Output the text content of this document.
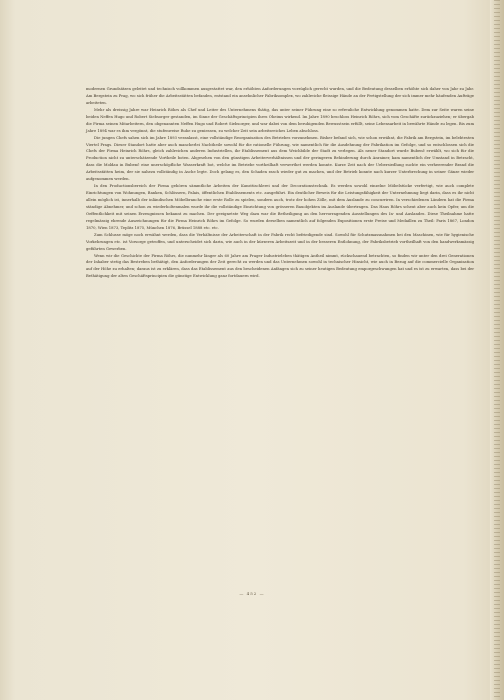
modernen Grundsätzen geleitet und technisch vollkommen ausgestattet war, den erhöhten Anforderungen vorzüglich gerecht wurden, und die Bedeutung desselben erhöhte sich daher von Jahr zu Jahr. Am Bergstein zu Prag, wo sich früher die Arbeitsstätten befanden, entstand ein ansehnlicher Fabriksomplex, wo zahlreiche fleissige Hände an der Fertigstellung der sich immer mehr häufenden Aufträge arbeiteten.

Mehr als dreissig Jahre war Heinrich Röhrs als Chef und Leiter des Unternehmens thätig, das unter seiner Führung eine so erfreuliche Entwicklung genommen hatte. Dem zur Seite waren seine beiden Neffen Hugo und Robert Siebsorger gestanden, im Sinne der Geschäftsprincipien ihres Oheims wirkend. Im Jahre 1890 beschloss Heinrich Röhrs, sich vom Geschäfte zurückzuziehen; er übergab die Firma seinen Mitarbeitern, den obgenannten Neffen Hugo und Robert Siebsorger, und war dabei von dem beruhigenden Bewusstsein erfüllt, seine Lebensarbeit in bewährte Hände zu legen. Bis zum Jahre 1894 war es ihm vergönnt, die stufenweise Ruhe zu geniessen, zu welcher Zeit sein arbeitsreiches Leben abschloss.

Die jungen Chefs sahen sich im Jahre 1893 veranlasst, eine vollständige Reorganisation des Betriebes vorzunehmen. Bisher befand sich, wie schon erwähnt, die Fabrik am Bergstein, im belebtesten Viertel Prags. Dieser Standort hatte aber auch mancherlei Nachtheile sowohl für die rationelle Führung, wie namentlich für die Ausdehnung der Fabrikation im Gefolge, und so entschlossen sich die Chefs der Firma Heinrich Röhrs, gleich zahlreichen anderen Industriellen, ihr Etablissement aus dem Weichbilde der Stadt zu verlegen. Als neuer Standort wurde Bubenč erwählt, wo sich für die Production nicht zu unterschätzende Vortheile boten. Abgesehen von den günstigen Arbeiterverhältnissen und der geringeren Behinderung durch Anrainer, kam namentlich der Umstand in Betracht, dass die Moldau in Bubenč eine unerschöpfliche Wasserkraft bot, welche im Betriebe vortheilhaft verwerthet werden konnte. Kurze Zeit nach der Uebersiedlung suchte ein verheerender Brand die Arbeitsstätten heim, der sie nahezu vollständig in Asche legte. Doch gelang es, den Schaden rasch wieder gut zu machen, und der Betrieb konnte nach kurzer Unterbrechung in seiner Gänze wieder aufgenommen werden.

In den Productionsbereich der Firma gehören sämmtliche Arbeiten der Kunsttischlerei und der Decorationstechnik. Es werden sowohl einzelne Möbelstücke verfertigt, wie auch complete Einrichtungen von Wohnungen, Banken, Schlössern, Palais, öffentlichen Etablissements etc. ausgeführt. Ein deutlicher Beweis für die Leistungsfähigkeit der Unternehmung liegt darin, dass es ihr nicht allein möglich ist, innerhalb der inländischen Möbelbranche eine erste Rolle zu spielen, sondern auch, trotz der hohen Zölle, mit dem Auslande zu concurriren. In verschiedenen Ländern hat die Firma ständige Abnehmer, und schon zu wiederholtenmalen wurde ihr die vollständige Einrichtung von grösseren Bauobjekten im Auslande übertragen. Das Haus Röhrs scheut aber auch kein Opfer, um die Oeffentlichkeit mit seinen Erzeugnissen bekannt zu machen. Der geeignetste Weg dazu war die Betheiligung an den hervorragenden Ausstellungen des In- und Auslandes. Diese Theilnahme hatte regelmässig ehrende Auszeichnungen für die Firma Heinrich Röhrs im Gefolge. So wurden derselben namentlich auf folgenden Expositionen erste Preise und Medaillen zu Theil: Paris 1867, London 1870, Wien 1873, Teplitz 1875, München 1876, Brüssel 1888 etc. etc.

Zum Schlusse möge noch erwähnt werden, dass die Verhältnisse der Arbeiterschaft in der Fabrik recht befriedigende sind. Sowohl für Schutzmassnahmen bei den Maschinen, wie für hygienische Vorkehrungen etc. ist Vorsorge getroffen, und unterscheidet sich darin, wie auch in der kürzeren Arbeitszeit und in der besseren Entlohnung, der Fabriksbetrieb vortheilhaft von den handwerksmässig geführten Gewerben.

Wenn wir die Geschichte der Firma Röhrs, die nunmehr länger als 60 Jahre am Prager Industrieleben thätigen Antheil nimmt, rückschauend betrachten, so finden wir unter den drei Generationen der Inhaber stetig das Bestreben bethätigt, den Anforderungen der Zeit gerecht zu werden und das Unternehmen sowohl in technischer Hinsicht, wie auch in Bezug auf die commercielle Organisation auf der Höhe zu erhalten; daraus ist zu erklären, dass das Etablissement aus den bescheidenen Anfängen sich zu seiner heutigen Bedeutung emporgeschwungen hat und es ist zu erwarten, dass bei der Bethätigung der alten Geschäftsprincipien die günstige Entwicklung ganz fortdauern wird.

— 452 —
